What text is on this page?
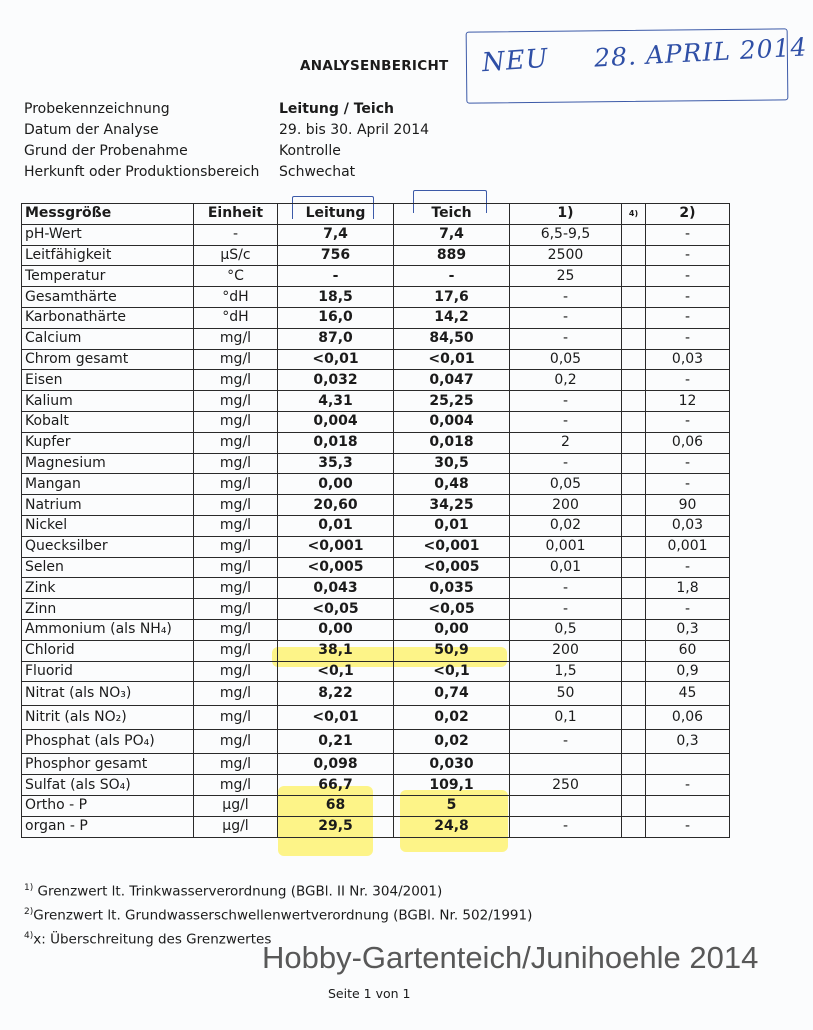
ANALYSENBERICHT NEU 28. APRIL 2014
Probekennzeichnung	Leitung / Teich
Datum der Analyse	29. bis 30. April 2014
Grund der Probenahme	Kontrolle
Herkunft oder Produktionsbereich	Schwechat
Messgröße	Einheit	Leitung	Teich	1)	4)	2)
pH-Wert	-	7,4	7,4	6,5-9,5		-
Leitfähigkeit	µS/c	756	889	2500		-
Temperatur	°C	-	-	25		-
Gesamthärte	°dH	18,5	17,6	-		-
Karbonathärte	°dH	16,0	14,2	-		-
Calcium	mg/l	87,0	84,50	-		-
Chrom gesamt	mg/l	<0,01	<0,01	0,05		0,03
Eisen	mg/l	0,032	0,047	0,2		-
Kalium	mg/l	4,31	25,25	-		12
Kobalt	mg/l	0,004	0,004	-		-
Kupfer	mg/l	0,018	0,018	2		0,06
Magnesium	mg/l	35,3	30,5	-		-
Mangan	mg/l	0,00	0,48	0,05		-
Natrium	mg/l	20,60	34,25	200		90
Nickel	mg/l	0,01	0,01	0,02		0,03
Quecksilber	mg/l	<0,001	<0,001	0,001		0,001
Selen	mg/l	<0,005	<0,005	0,01		-
Zink	mg/l	0,043	0,035	-		1,8
Zinn	mg/l	<0,05	<0,05	-		-
Ammonium (als NH₄)	mg/l	0,00	0,00	0,5		0,3
Chlorid	mg/l	38,1	50,9	200		60
Fluorid	mg/l	<0,1	<0,1	1,5		0,9
Nitrat (als NO₃)	mg/l	8,22	0,74	50		45
Nitrit (als NO₂)	mg/l	<0,01	0,02	0,1		0,06
Phosphat (als PO₄)	mg/l	0,21	0,02	-		0,3
Phosphor gesamt	mg/l	0,098	0,030			
Sulfat (als SO₄)	mg/l	66,7	109,1	250		-
Ortho - P	µg/l	68	5			
organ - P	µg/l	29,5	24,8	-		-
$^{1)}$ Grenzwert lt. Trinkwasserverordnung (BGBl. II Nr. 304/2001)
$^{2)}$Grenzwert lt. Grundwasserschwellenwertverordnung (BGBl. Nr. 502/1991)
$^{4)}$x: Überschreitung des Grenzwertes
Hobby-Gartenteich/Junihoehle 2014
Seite 1 von 1
